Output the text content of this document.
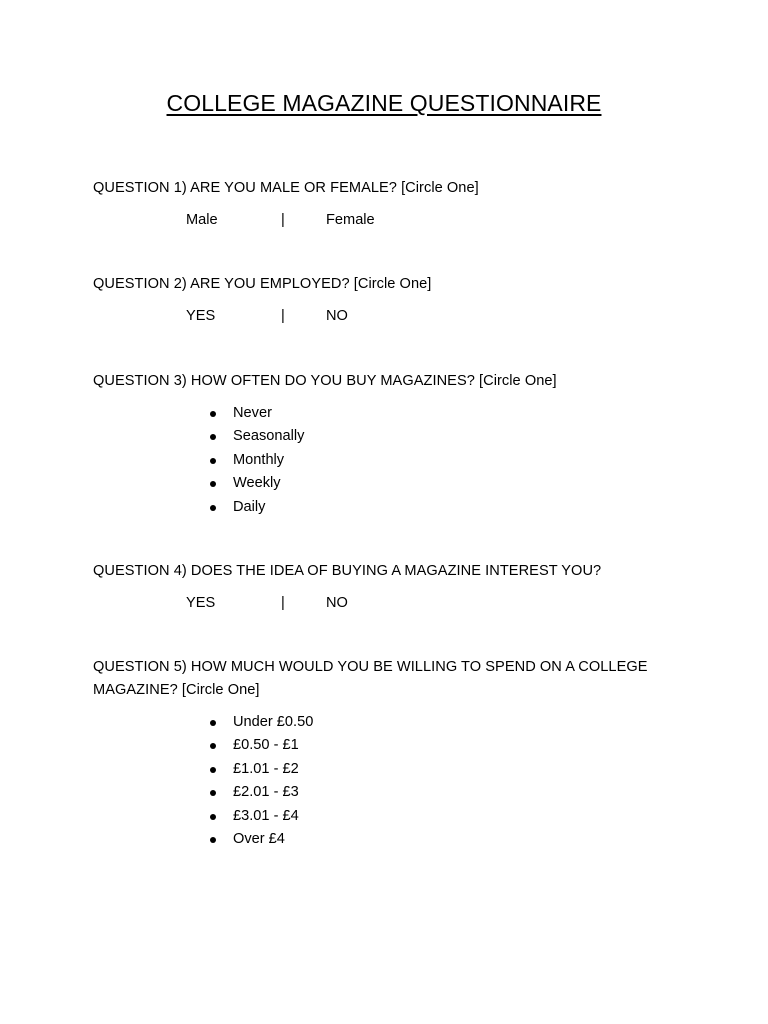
COLLEGE MAGAZINE QUESTIONNAIRE
QUESTION 1) ARE YOU MALE OR FEMALE? [Circle One]
Male	|	Female
QUESTION 2) ARE YOU EMPLOYED? [Circle One]
YES	|	NO
QUESTION 3) HOW OFTEN DO YOU BUY MAGAZINES? [Circle One]
Never
Seasonally
Monthly
Weekly
Daily
QUESTION 4) DOES THE IDEA OF BUYING A MAGAZINE INTEREST YOU?
YES	|	NO
QUESTION 5) HOW MUCH WOULD YOU BE WILLING TO SPEND ON A COLLEGE
MAGAZINE? [Circle One]
Under £0.50
£0.50 - £1
£1.01 - £2
£2.01 - £3
£3.01 - £4
Over £4
